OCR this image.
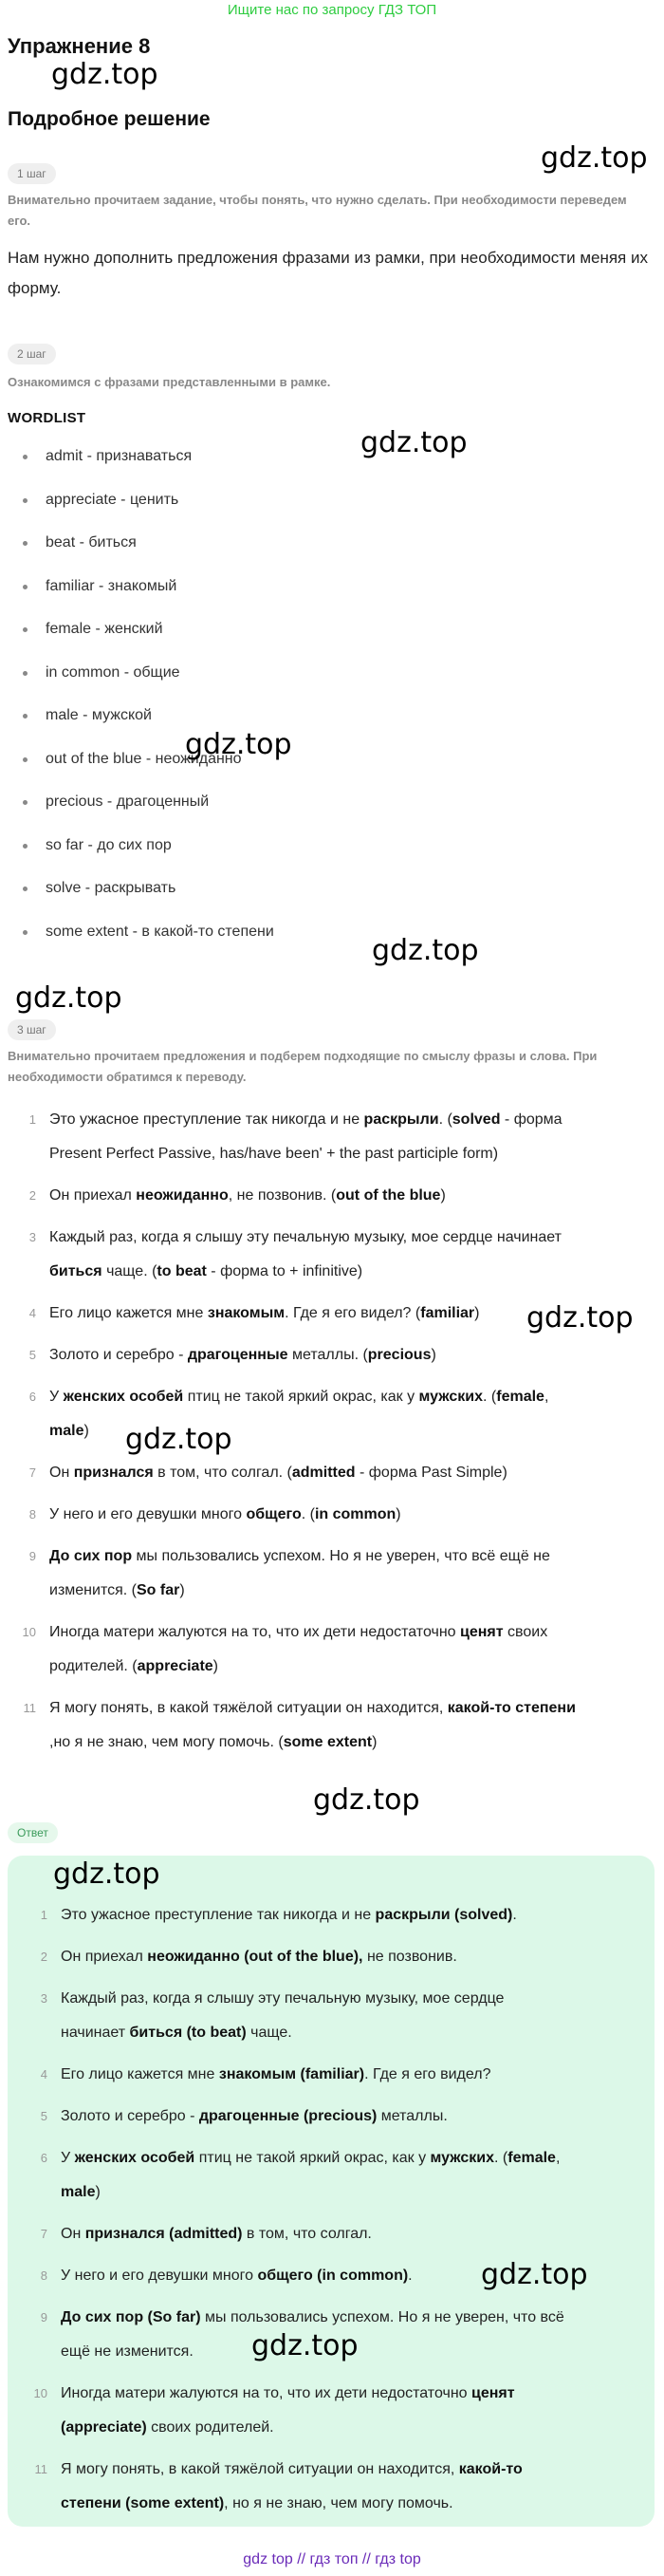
Ищите нас по запросу ГДЗ ТОП
Упражнение 8
gdz.top
Подробное решение
gdz.top
1 шаг
Внимательно прочитаем задание, чтобы понять, что нужно сделать. При необходимости переведем его.
Нам нужно дополнить предложения фразами из рамки, при необходимости меняя их форму.
2 шаг
Ознакомимся с фразами представленными в рамке.
WORDLIST
gdz.top
admit - признаваться
appreciate - ценить
beat - биться
familiar - знакомый
female - женский
in common - общие
male - мужской
out of the blue - неожиданно
precious - драгоценный
so far - до сих пор
solve - раскрывать
some extent - в какой-то степени
gdz.top
gdz.top
gdz.top
3 шаг
Внимательно прочитаем предложения и подберем подходящие по смыслу фразы и слова. При необходимости обратимся к переводу.
1 Это ужасное преступление так никогда и не раскрыли. (solved - форма
Present Perfect Passive, has/have been' + the past participle form)
2 Он приехал неожиданно, не позвонив. (out of the blue)
3 Каждый раз, когда я слышу эту печальную музыку, мое сердце начинает
биться чаще. (to beat - форма to + infinitive)
4 Его лицо кажется мне знакомым. Где я его видел? (familiar)
5 Золото и серебро - драгоценные металлы. (precious)
6 У женских особей птиц не такой яркий окрас, как у мужских. (female,
male)
7 Он признался в том, что солгал. (admitted - форма Past Simple)
8 У него и его девушки много общего. (in common)
9 До сих пор мы пользовались успехом. Но я не уверен, что всё ещё не
изменится. (So far)
10 Иногда матери жалуются на то, что их дети недостаточно ценят своих
родителей. (appreciate)
11 Я могу понять, в какой тяжёлой ситуации он находится, какой-то степени
,но я не знаю, чем могу помочь. (some extent)
gdz.top
gdz.top
gdz.top
Ответ
gdz.top
1 Это ужасное преступление так никогда и не раскрыли (solved).
2 Он приехал неожиданно (out of the blue), не позвонив.
3 Каждый раз, когда я слышу эту печальную музыку, мое сердце
начинает биться (to beat) чаще.
4 Его лицо кажется мне знакомым (familiar). Где я его видел?
5 Золото и серебро - драгоценные (precious) металлы.
6 У женских особей птиц не такой яркий окрас, как у мужских. (female,
male)
7 Он признался (admitted) в том, что солгал.
8 У него и его девушки много общего (in common).
9 До сих пор (So far) мы пользовались успехом. Но я не уверен, что всё
ещё не изменится.
10 Иногда матери жалуются на то, что их дети недостаточно ценят
(appreciate) своих родителей.
11 Я могу понять, в какой тяжёлой ситуации он находится, какой-то
степени (some extent), но я не знаю, чем могу помочь.
gdz.top
gdz.top
gdz top // гдз топ // гдз top
